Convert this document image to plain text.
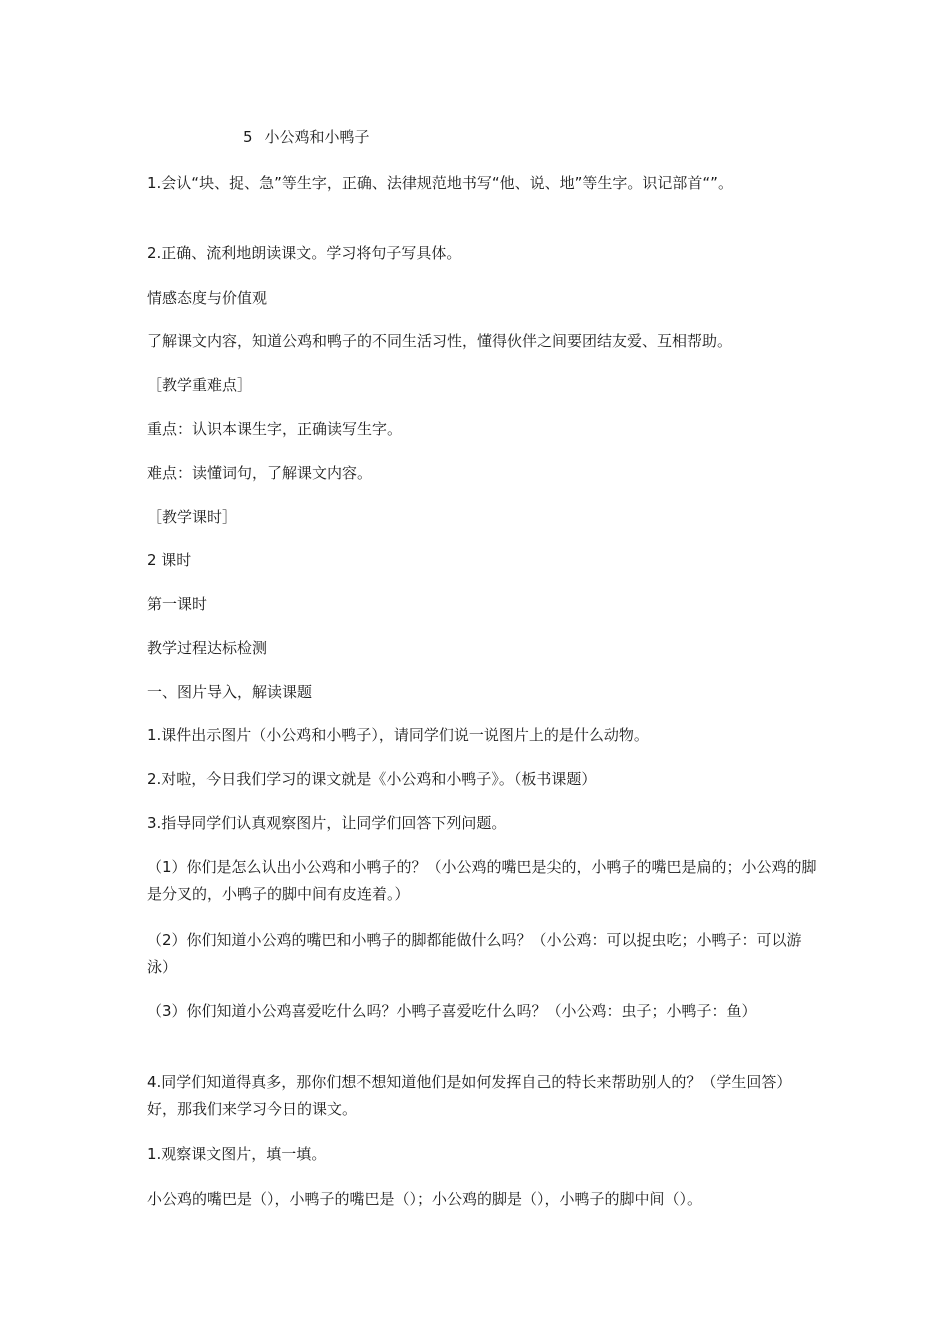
5 小公鸡和小鸭子

1.会认“块、捉、急”等生字，正确、法律规范地书写“他、说、地”等生字。识记部首“”。

2.正确、流利地朗读课文。学习将句子写具体。

情感态度与价值观

了解课文内容，知道公鸡和鸭子的不同生活习性，懂得伙伴之间要团结友爱、互相帮助。

［教学重难点］

重点：认识本课生字，正确读写生字。

难点：读懂词句，了解课文内容。

［教学课时］

2 课时

第一课时

教学过程达标检测

一、图片导入，解读课题

1.课件出示图片（小公鸡和小鸭子），请同学们说一说图片上的是什么动物。

2.对啦，今日我们学习的课文就是《小公鸡和小鸭子》。（板书课题）

3.指导同学们认真观察图片，让同学们回答下列问题。

（1）你们是怎么认出小公鸡和小鸭子的？（小公鸡的嘴巴是尖的，小鸭子的嘴巴是扁的；小公鸡的脚是分叉的，小鸭子的脚中间有皮连着。）

（2）你们知道小公鸡的嘴巴和小鸭子的脚都能做什么吗？（小公鸡：可以捉虫吃；小鸭子：可以游泳）

（3）你们知道小公鸡喜爱吃什么吗？小鸭子喜爱吃什么吗？（小公鸡：虫子；小鸭子：鱼）

4.同学们知道得真多，那你们想不想知道他们是如何发挥自己的特长来帮助别人的？（学生回答）好，那我们来学习今日的课文。

1.观察课文图片，填一填。

小公鸡的嘴巴是（），小鸭子的嘴巴是（）；小公鸡的脚是（），小鸭子的脚中间（）。
